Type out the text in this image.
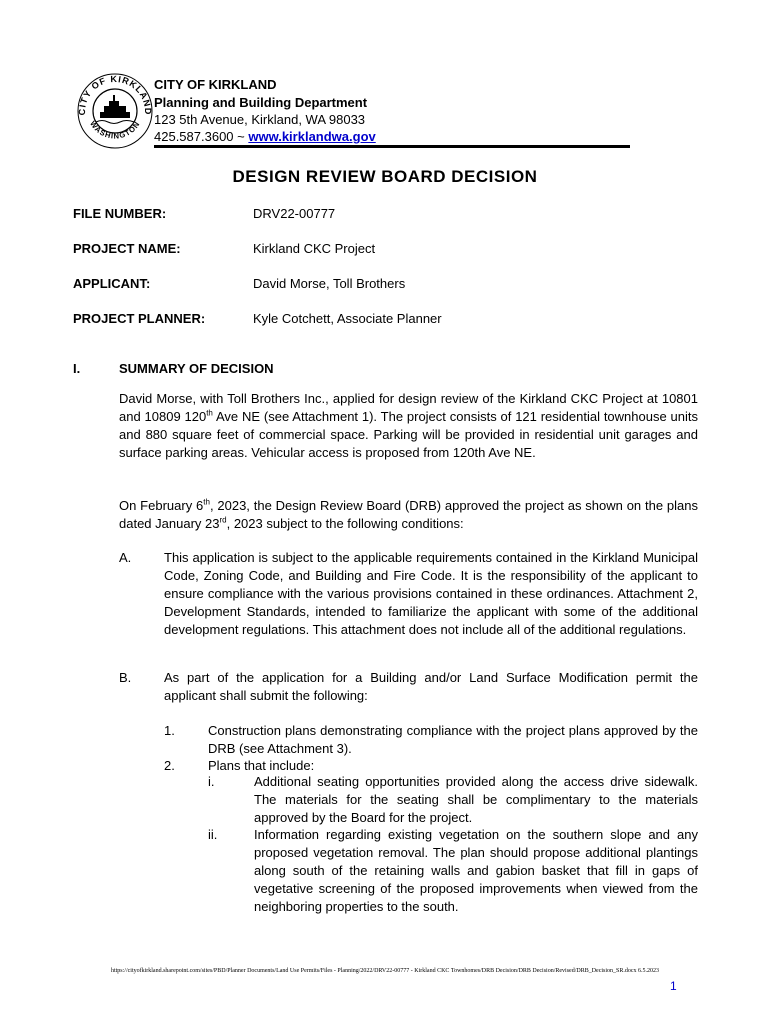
CITY OF KIRKLAND
WASHINGTON
CITY OF KIRKLAND
Planning and Building Department
123 5th Avenue, Kirkland, WA 98033
425.587.3600 ~ www.kirklandwa.gov
DESIGN REVIEW BOARD DECISION
FILE NUMBER:	DRV22-00777
PROJECT NAME:	Kirkland CKC Project
APPLICANT:	David Morse, Toll Brothers
PROJECT PLANNER:	Kyle Cotchett, Associate Planner
I.	SUMMARY OF DECISION
David Morse, with Toll Brothers Inc., applied for design review of the Kirkland CKC Project at 10801 and 10809 120th Ave NE (see Attachment 1). The project consists of 121 residential townhouse units and 880 square feet of commercial space. Parking will be provided in residential unit garages and surface parking areas. Vehicular access is proposed from 120th Ave NE.
On February 6th, 2023, the Design Review Board (DRB) approved the project as shown on the plans dated January 23rd, 2023 subject to the following conditions:
A.	This application is subject to the applicable requirements contained in the Kirkland Municipal Code, Zoning Code, and Building and Fire Code. It is the responsibility of the applicant to ensure compliance with the various provisions contained in these ordinances. Attachment 2, Development Standards, intended to familiarize the applicant with some of the additional development regulations. This attachment does not include all of the additional regulations.
B.	As part of the application for a Building and/or Land Surface Modification permit the applicant shall submit the following:
1.	Construction plans demonstrating compliance with the project plans approved by the DRB (see Attachment 3).
2.	Plans that include:
i.	Additional seating opportunities provided along the access drive sidewalk. The materials for the seating shall be complimentary to the materials approved by the Board for the project.
ii.	Information regarding existing vegetation on the southern slope and any proposed vegetation removal. The plan should propose additional plantings along south of the retaining walls and gabion basket that fill in gaps of vegetative screening of the proposed improvements when viewed from the neighboring properties to the south.
https://cityofkirkland.sharepoint.com/sites/PBD/Planner Documents/Land Use Permits/Files - Planning/2022/DRV22-00777 - Kirkland CKC Townhomes/DRB Decision/DRB Decision/Revised/DRB_Decision_SR.docx 6.5.2023
1
